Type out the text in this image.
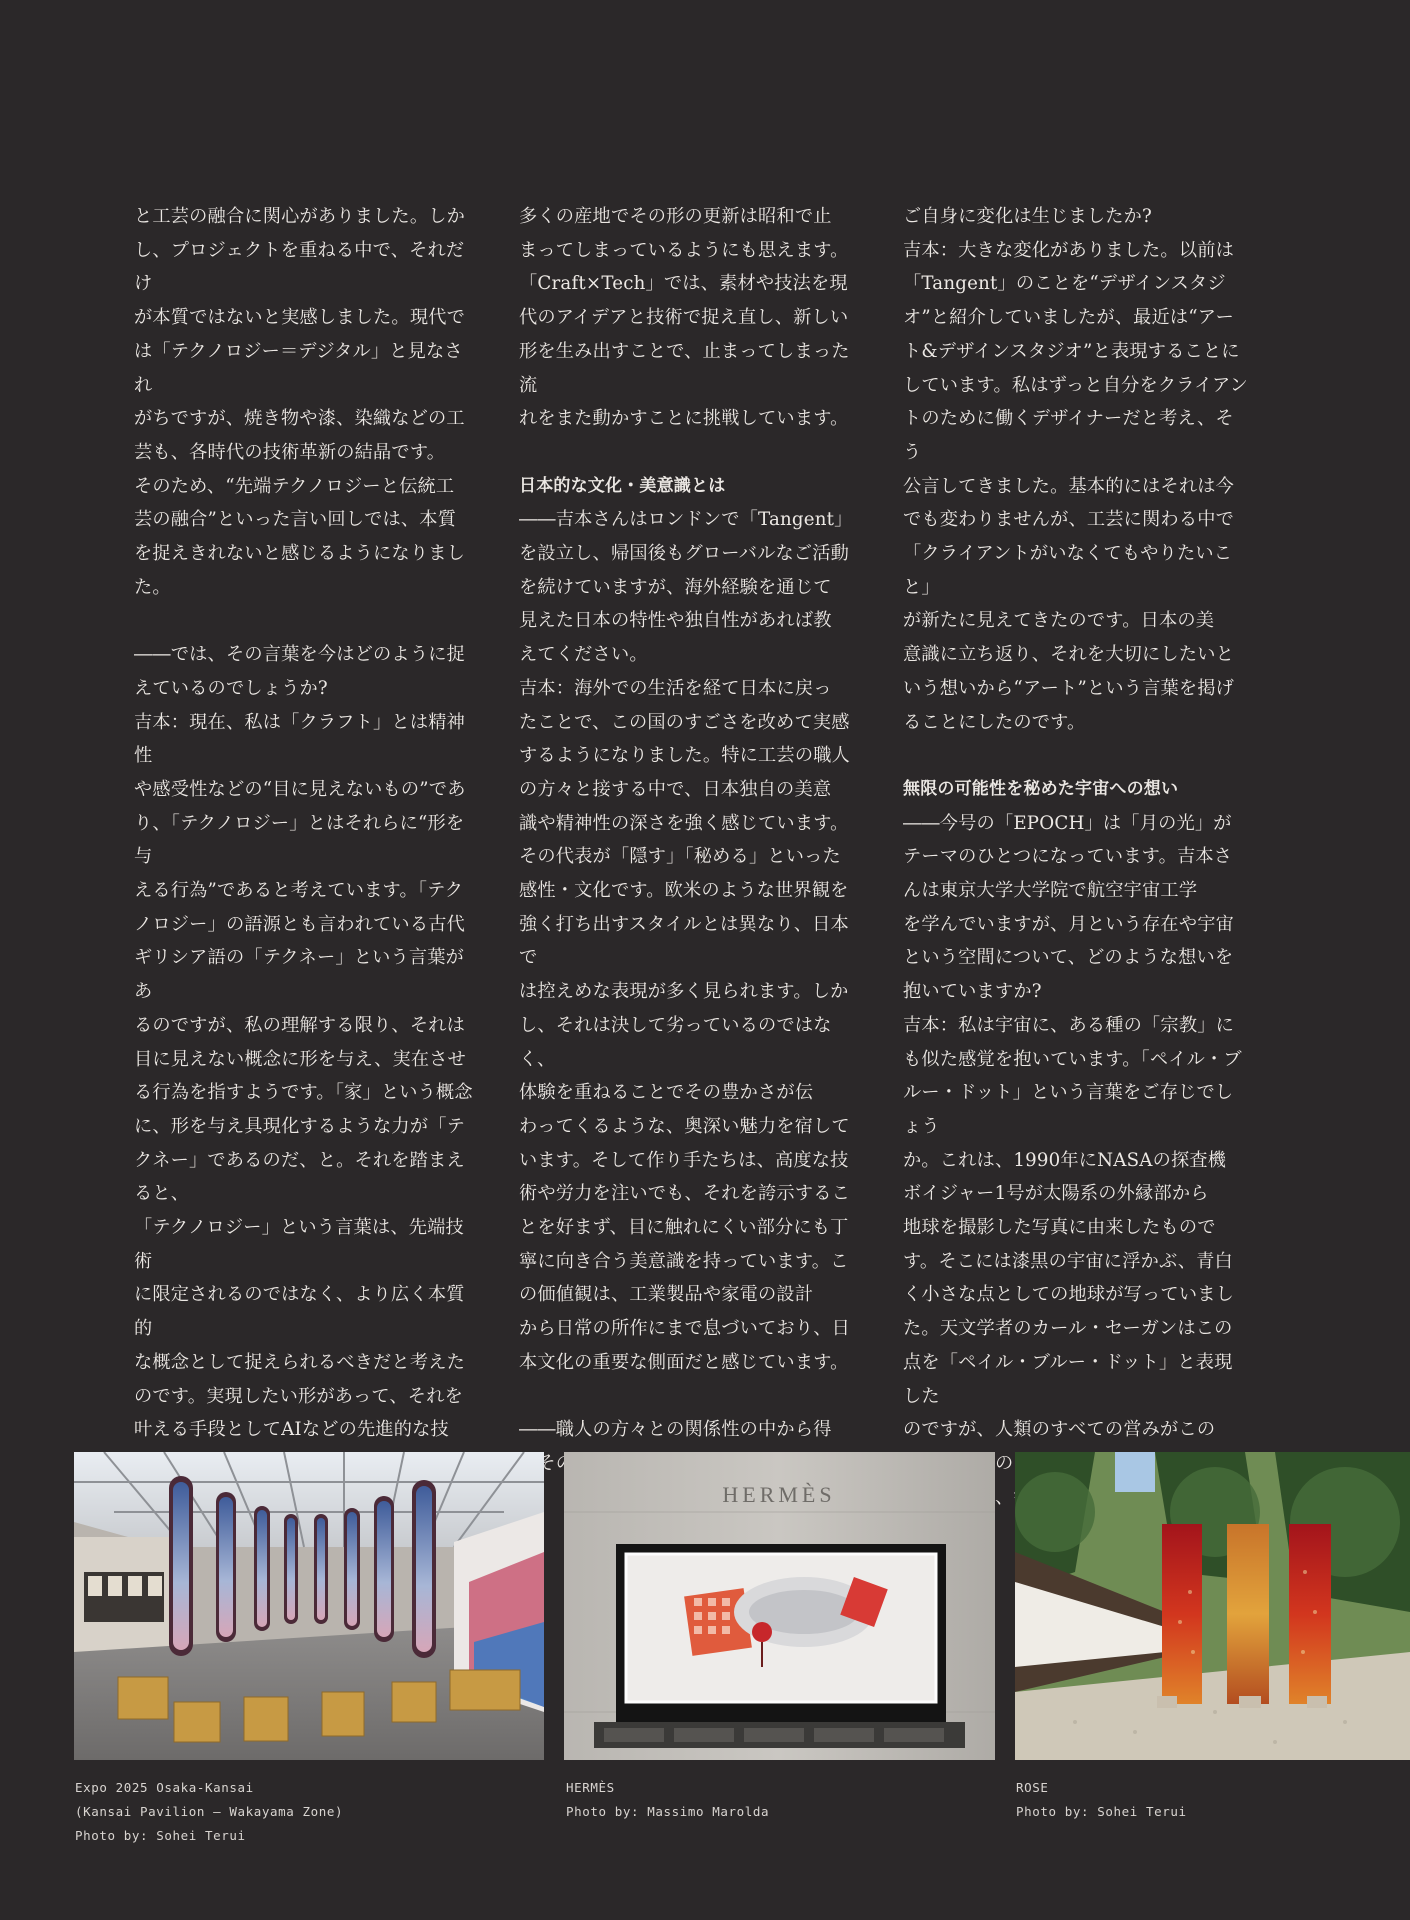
と工芸の融合に関心がありました。しか
し、プロジェクトを重ねる中で、それだけ
が本質ではないと実感しました。現代で
は「テクノロジー＝デジタル」と見なされ
がちですが、焼き物や漆、染織などの工
芸も、各時代の技術革新の結晶です。
そのため、“先端テクノロジーと伝統工
芸の融合”といった言い回しでは、本質
を捉えきれないと感じるようになりました。

――では、その言葉を今はどのように捉
えているのでしょうか?
吉本：現在、私は「クラフト」とは精神性
や感受性などの“目に見えないもの”であ
り、「テクノロジー」とはそれらに“形を与
える行為”であると考えています。「テク
ノロジー」の語源とも言われている古代
ギリシア語の「テクネー」という言葉があ
るのですが、私の理解する限り、それは
目に見えない概念に形を与え、実在させ
る行為を指すようです。「家」という概念
に、形を与え具現化するような力が「テ
クネー」であるのだ、と。それを踏まえると、
「テクノロジー」という言葉は、先端技術
に限定されるのではなく、より広く本質的
な概念として捉えられるべきだと考えた
のです。実現したい形があって、それを
叶える手段としてAIなどの先進的な技

多くの産地でその形の更新は昭和で止
まってしまっているようにも思えます。
「Craft×Tech」では、素材や技法を現
代のアイデアと技術で捉え直し、新しい
形を生み出すことで、止まってしまった流
れをまた動かすことに挑戦しています。

日本的な文化・美意識とは

――吉本さんはロンドンで「Tangent」
を設立し、帰国後もグローバルなご活動
を続けていますが、海外経験を通じて
見えた日本の特性や独自性があれば教
えてください。
吉本：海外での生活を経て日本に戻っ
たことで、この国のすごさを改めて実感
するようになりました。特に工芸の職人
の方々と接する中で、日本独自の美意
識や精神性の深さを強く感じています。
その代表が「隠す」「秘める」といった
感性・文化です。欧米のような世界観を
強く打ち出すスタイルとは異なり、日本で
は控えめな表現が多く見られます。しか
し、それは決して劣っているのではなく、
体験を重ねることでその豊かさが伝
わってくるような、奥深い魅力を宿して
います。そして作り手たちは、高度な技
術や労力を注いでも、それを誇示するこ
とを好まず、目に触れにくい部分にも丁
寧に向き合う美意識を持っています。こ
の価値観は、工業製品や家電の設計
から日常の所作にまで息づいており、日
本文化の重要な側面だと感じています。

――職人の方々との関係性の中から得

ご自身に変化は生じましたか?
吉本：大きな変化がありました。以前は
「Tangent」のことを“デザインスタジ
オ”と紹介していましたが、最近は“アー
ト&デザインスタジオ”と表現することに
しています。私はずっと自分をクライアン
トのために働くデザイナーだと考え、そう
公言してきました。基本的にはそれは今
でも変わりませんが、工芸に関わる中で
「クライアントがいなくてもやりたいこと」
が新たに見えてきたのです。日本の美
意識に立ち返り、それを大切にしたいと
いう想いから“アート”という言葉を掲げ
ることにしたのです。

無限の可能性を秘めた宇宙への想い

――今号の「EPOCH」は「月の光」が
テーマのひとつになっています。吉本さ
んは東京大学大学院で航空宇宙工学
を学んでいますが、月という存在や宇宙
という空間について、どのような想いを
抱いていますか?
吉本：私は宇宙に、ある種の「宗教」に
も似た感覚を抱いています。「ペイル・ブ
ルー・ドット」という言葉をご存じでしょう
か。これは、1990年にNASAの探査機
ボイジャー1号が太陽系の外縁部から
地球を撮影した写真に由来したもので
す。そこには漆黒の宇宙に浮かぶ、青白
く小さな点としての地球が写っていまし
た。天文学者のカール・セーガンはこの
点を「ペイル・ブルー・ドット」と表現した
のですが、人類のすべての営みがこの

HERMÈS
Expo 2025 Osaka-Kansai
(Kansai Pavilion – Wakayama Zone)
Photo by: Sohei Terui
HERMÈS
Photo by: Massimo Marolda
ROSE
Photo by: Sohei Terui
